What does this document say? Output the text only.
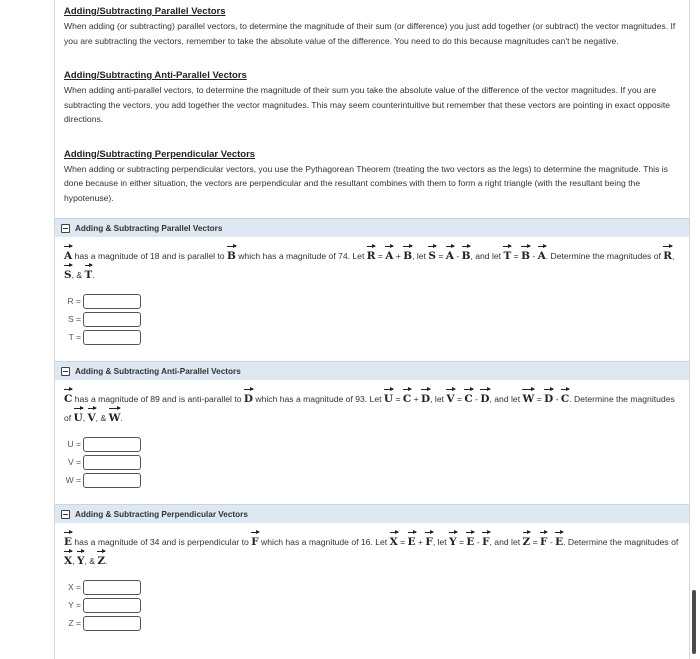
Adding/Subtracting Parallel Vectors
When adding (or subtracting) parallel vectors, to determine the magnitude of their sum (or difference) you just add together (or subtract) the vector magnitudes. If you are subtracting the vectors, remember to take the absolute value of the difference. You need to do this because magnitudes can't be negative.
Adding/Subtracting Anti-Parallel Vectors
When adding anti-parallel vectors, to determine the magnitude of their sum you take the absolute value of the difference of the vector magnitudes. If you are subtracting the vectors, you add together the vector magnitudes. This may seem counterintuitive but remember that these vectors are pointing in exact opposite directions.
Adding/Subtracting Perpendicular Vectors
When adding or subtracting perpendicular vectors, you use the Pythagorean Theorem (treating the two vectors as the legs) to determine the magnitude. This is done because in either situation, the vectors are perpendicular and the resultant combines with them to form a right triangle (with the resultant being the hypotenuse).
Adding & Subtracting Parallel Vectors
A has a magnitude of 18 and is parallel to B which has a magnitude of 74. Let R = A + B, let S = A - B, and let T = B - A. Determine the magnitudes of R, S, & T.
R =
S =
T =
Adding & Subtracting Anti-Parallel Vectors
C has a magnitude of 89 and is anti-parallel to D which has a magnitude of 93. Let U = C + D, let V = C - D, and let W = D - C. Determine the magnitudes of U, V, & W.
U =
V =
W =
Adding & Subtracting Perpendicular Vectors
E has a magnitude of 34 and is perpendicular to F which has a magnitude of 16. Let X = E + F, let Y = E - F, and let Z = F - E. Determine the magnitudes of X, Y, & Z.
X =
Y =
Z =
